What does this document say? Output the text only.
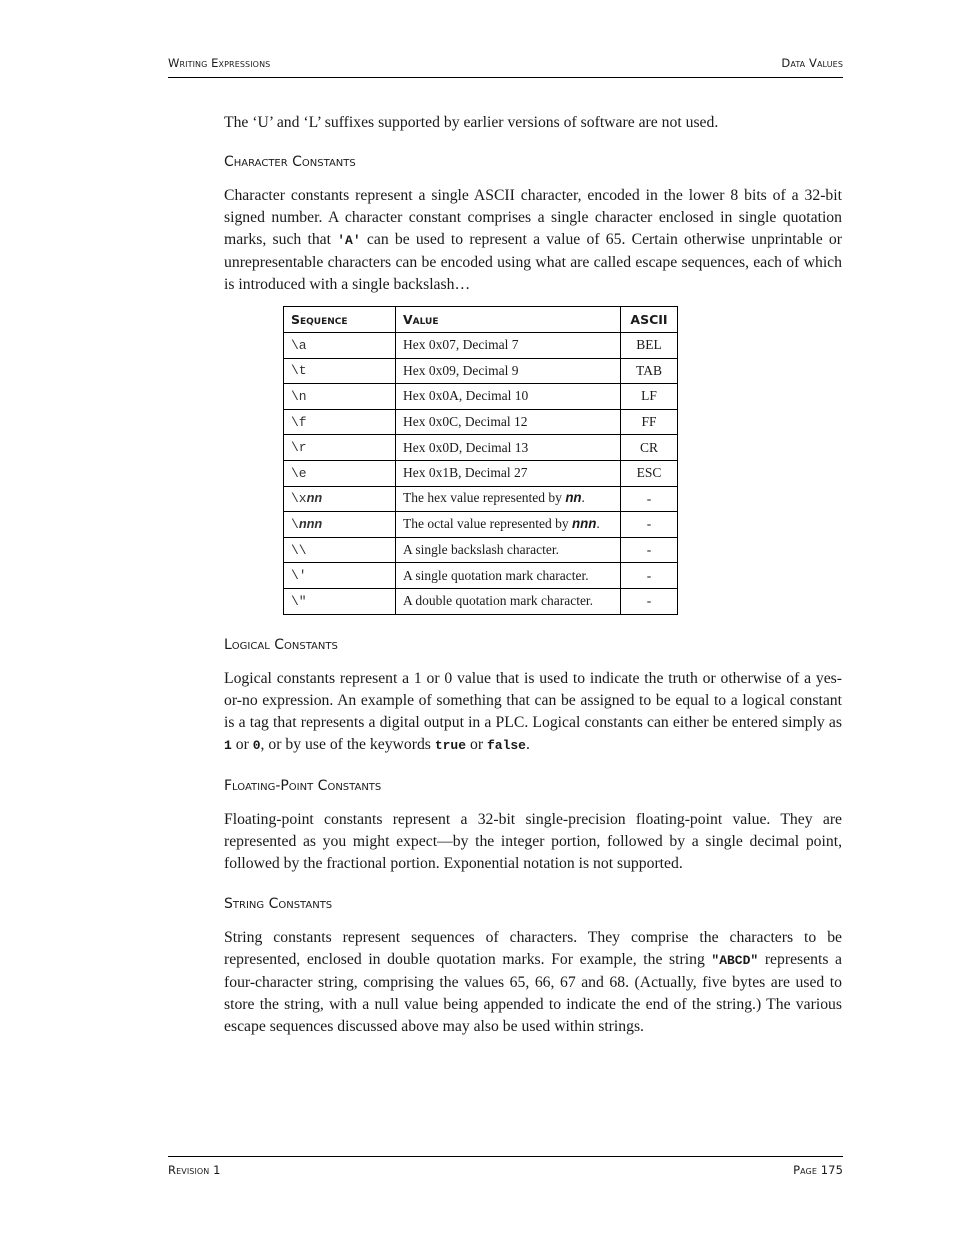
Writing Expressions	Data Values

The ‘U’ and ‘L’ suffixes supported by earlier versions of software are not used.

Character Constants

Character constants represent a single ASCII character, encoded in the lower 8 bits of a 32-bit signed number. A character constant comprises a single character enclosed in single quotation marks, such that 'A' can be used to represent a value of 65. Certain otherwise unprintable or unrepresentable characters can be encoded using what are called escape sequences, each of which is introduced with a single backslash…

Sequence	Value	ASCII
\a	Hex 0x07, Decimal 7	BEL
\t	Hex 0x09, Decimal 9	TAB
\n	Hex 0x0A, Decimal 10	LF
\f	Hex 0x0C, Decimal 12	FF
\r	Hex 0x0D, Decimal 13	CR
\e	Hex 0x1B, Decimal 27	ESC
\xnn	The hex value represented by nn.	-
\nnn	The octal value represented by nnn.	-
\\	A single backslash character.	-
\'	A single quotation mark character.	-
\"	A double quotation mark character.	-
Logical Constants

Logical constants represent a 1 or 0 value that is used to indicate the truth or otherwise of a yes-or-no expression. An example of something that can be assigned to be equal to a logical constant is a tag that represents a digital output in a PLC. Logical constants can either be entered simply as 1 or 0, or by use of the keywords true or false.

Floating-Point Constants

Floating-point constants represent a 32-bit single-precision floating-point value. They are represented as you might expect—by the integer portion, followed by a single decimal point, followed by the fractional portion. Exponential notation is not supported.

String Constants

String constants represent sequences of characters. They comprise the characters to be represented, enclosed in double quotation marks. For example, the string "ABCD" represents a four-character string, comprising the values 65, 66, 67 and 68. (Actually, five bytes are used to store the string, with a null value being appended to indicate the end of the string.) The various escape sequences discussed above may also be used within strings.

Revision 1	Page 175
